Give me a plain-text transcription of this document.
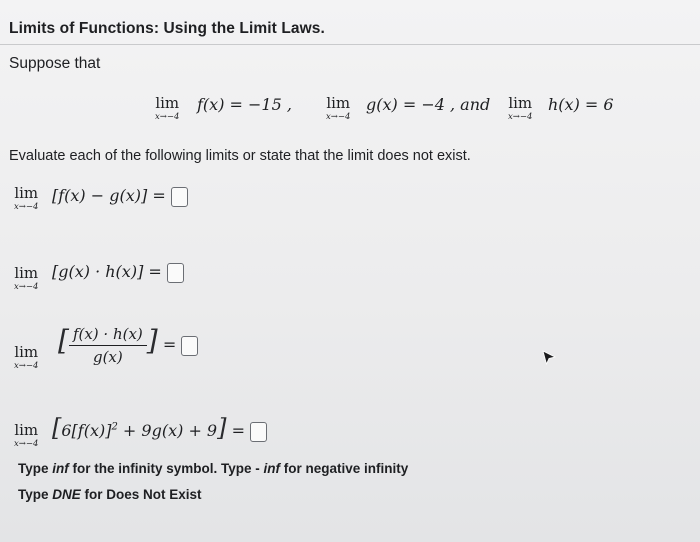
Limits of Functions: Using the Limit Laws.
Suppose that
lim
x→−4
f(x) = −15 , lim
x→−4
g(x) = −4 , and lim
x→−4
h(x) = 6
Evaluate each of the following limits or state that the limit does not exist.
lim
x→−4
[f(x) − g(x)] =
lim
x→−4
[g(x) · h(x)] =
lim
x→−4
[ $\frac{f(x) \cdot h(x)}{g(x)}$ ] =
lim
x→−4
$[6[f(x)]^2 + 9g(x) + 9]$ =
Type inf for the infinity symbol. Type - inf for negative infinity
Type DNE for Does Not Exist
